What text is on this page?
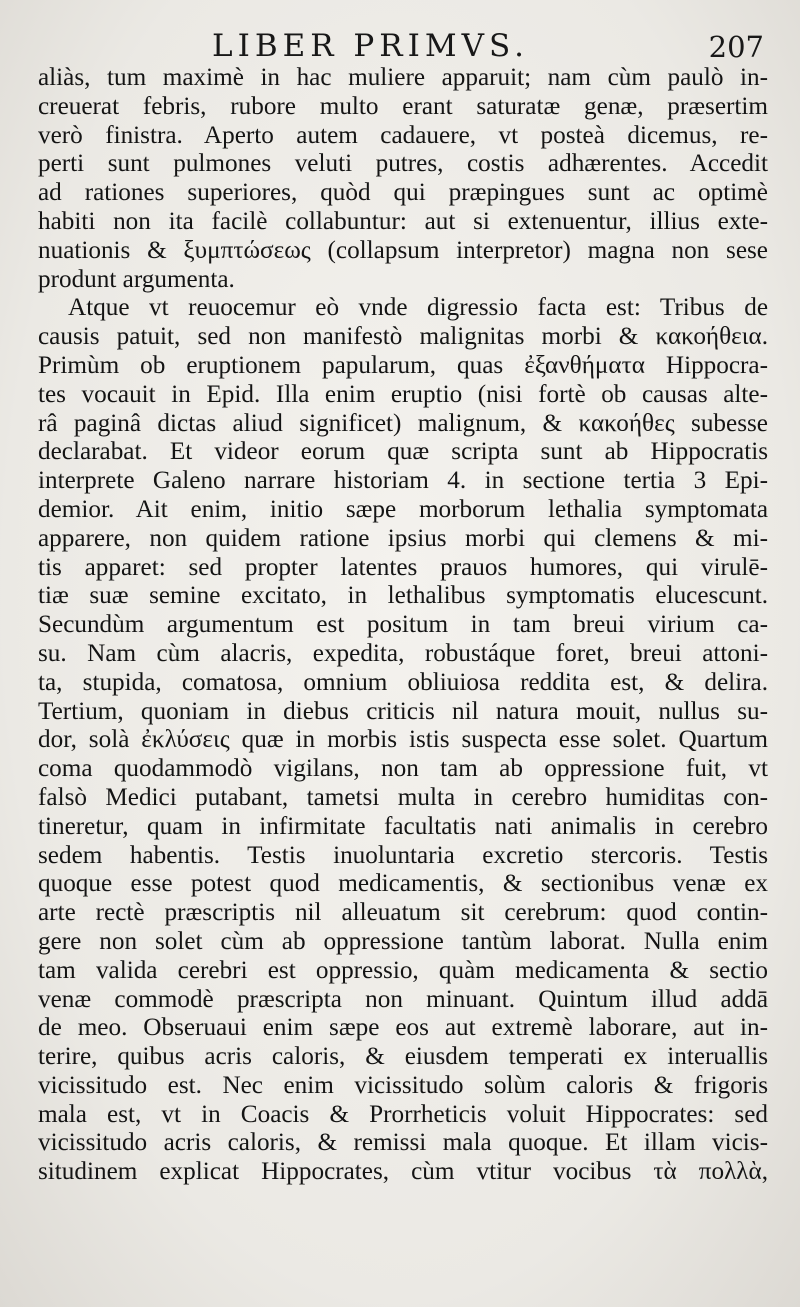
LIBER PRIMVS.	207
aliàs, tum maximè in hac muliere apparuit; nam cùm paulò in-
creuerat febris, rubore multo erant saturatæ genæ, præsertim
verò finistra. Aperto autem cadauere, vt posteà dicemus, re-
perti sunt pulmones veluti putres, costis adhærentes. Accedit
ad rationes superiores, quòd qui præpingues sunt ac optimè
habiti non ita facilè collabuntur: aut si extenuentur, illius exte-
nuationis & ξυμπτώσεως (collapsum interpretor) magna non sese
produnt argumenta.
Atque vt reuocemur eò vnde digressio facta est: Tribus de
causis patuit, sed non manifestò malignitas morbi & κακοήθεια.
Primùm ob eruptionem papularum, quas ἐξανθήματα Hippocra-
tes vocauit in Epid. Illa enim eruptio (nisi fortè ob causas alte-
râ paginâ dictas aliud significet) malignum, & κακοήθες subesse
declarabat. Et videor eorum quæ scripta sunt ab Hippocratis
interprete Galeno narrare historiam 4. in sectione tertia 3 Epi-
demior. Ait enim, initio sæpe morborum lethalia symptomata
apparere, non quidem ratione ipsius morbi qui clemens & mi-
tis apparet: sed propter latentes prauos humores, qui virulē-
tiæ suæ semine excitato, in lethalibus symptomatis elucescunt.
Secundùm argumentum est positum in tam breui virium ca-
su. Nam cùm alacris, expedita, robustáque foret, breui attoni-
ta, stupida, comatosa, omnium obliuiosa reddita est, & delira.
Tertium, quoniam in diebus criticis nil natura mouit, nullus su-
dor, solà ἐκλύσεις quæ in morbis istis suspecta esse solet. Quartum
coma quodammodò vigilans, non tam ab oppressione fuit, vt
falsò Medici putabant, tametsi multa in cerebro humiditas con-
tineretur, quam in infirmitate facultatis nati animalis in cerebro
sedem habentis. Testis inuoluntaria excretio stercoris. Testis
quoque esse potest quod medicamentis, & sectionibus venæ ex
arte rectè præscriptis nil alleuatum sit cerebrum: quod contin-
gere non solet cùm ab oppressione tantùm laborat. Nulla enim
tam valida cerebri est oppressio, quàm medicamenta & sectio
venæ commodè præscripta non minuant. Quintum illud addā
de meo. Obseruaui enim sæpe eos aut extremè laborare, aut in-
terire, quibus acris caloris, & eiusdem temperati ex interuallis
vicissitudo est. Nec enim vicissitudo solùm caloris & frigoris
mala est, vt in Coacis & Prorrheticis voluit Hippocrates: sed
vicissitudo acris caloris, & remissi mala quoque. Et illam vicis-
situdinem explicat Hippocrates, cùm vtitur vocibus τὰ πολλὰ,
